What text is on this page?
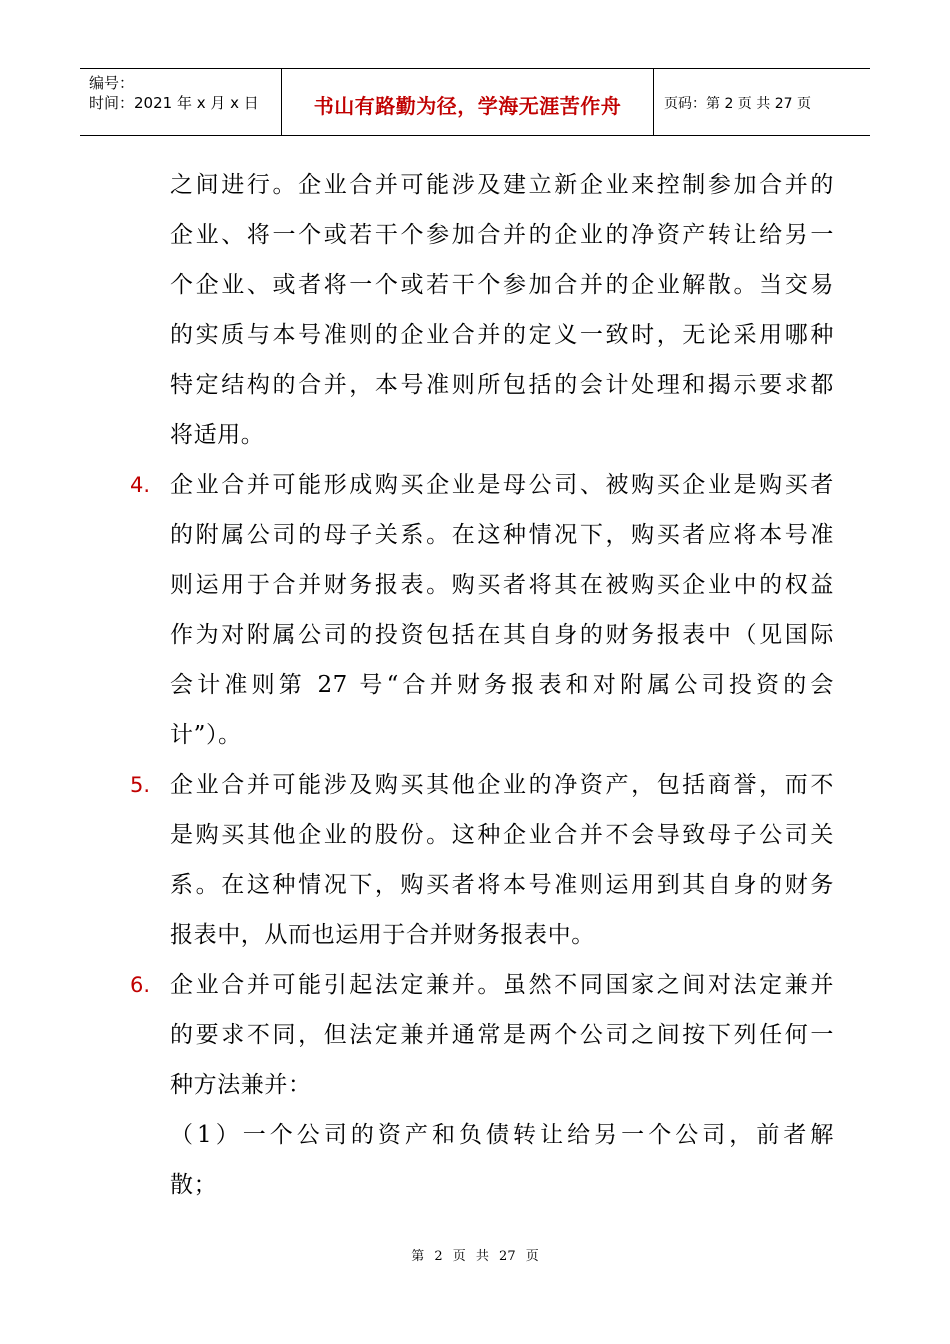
编号：
时间：2021 年 x 月 x 日	书山有路勤为径，学海无涯苦作舟	页码：第 2 页 共 27 页
之间进行。企业合并可能涉及建立新企业来控制参加合并的
企业、将一个或若干个参加合并的企业的净资产转让给另一
个企业、或者将一个或若干个参加合并的企业解散。当交易
的实质与本号准则的企业合并的定义一致时，无论采用哪种
特定结构的合并，本号准则所包括的会计处理和揭示要求都
将适用。
4. 企业合并可能形成购买企业是母公司、被购买企业是购买者
的附属公司的母子关系。在这种情况下，购买者应将本号准
则运用于合并财务报表。购买者将其在被购买企业中的权益
作为对附属公司的投资包括在其自身的财务报表中（见国际
会计准则第 27 号“合并财务报表和对附属公司投资的会
计”）。
5. 企业合并可能涉及购买其他企业的净资产，包括商誉，而不
是购买其他企业的股份。这种企业合并不会导致母子公司关
系。在这种情况下，购买者将本号准则运用到其自身的财务
报表中，从而也运用于合并财务报表中。
6. 企业合并可能引起法定兼并。虽然不同国家之间对法定兼并
的要求不同，但法定兼并通常是两个公司之间按下列任何一
种方法兼并：
（1）一个公司的资产和负债转让给另一个公司，前者解
散；
第 2 页 共 27 页
